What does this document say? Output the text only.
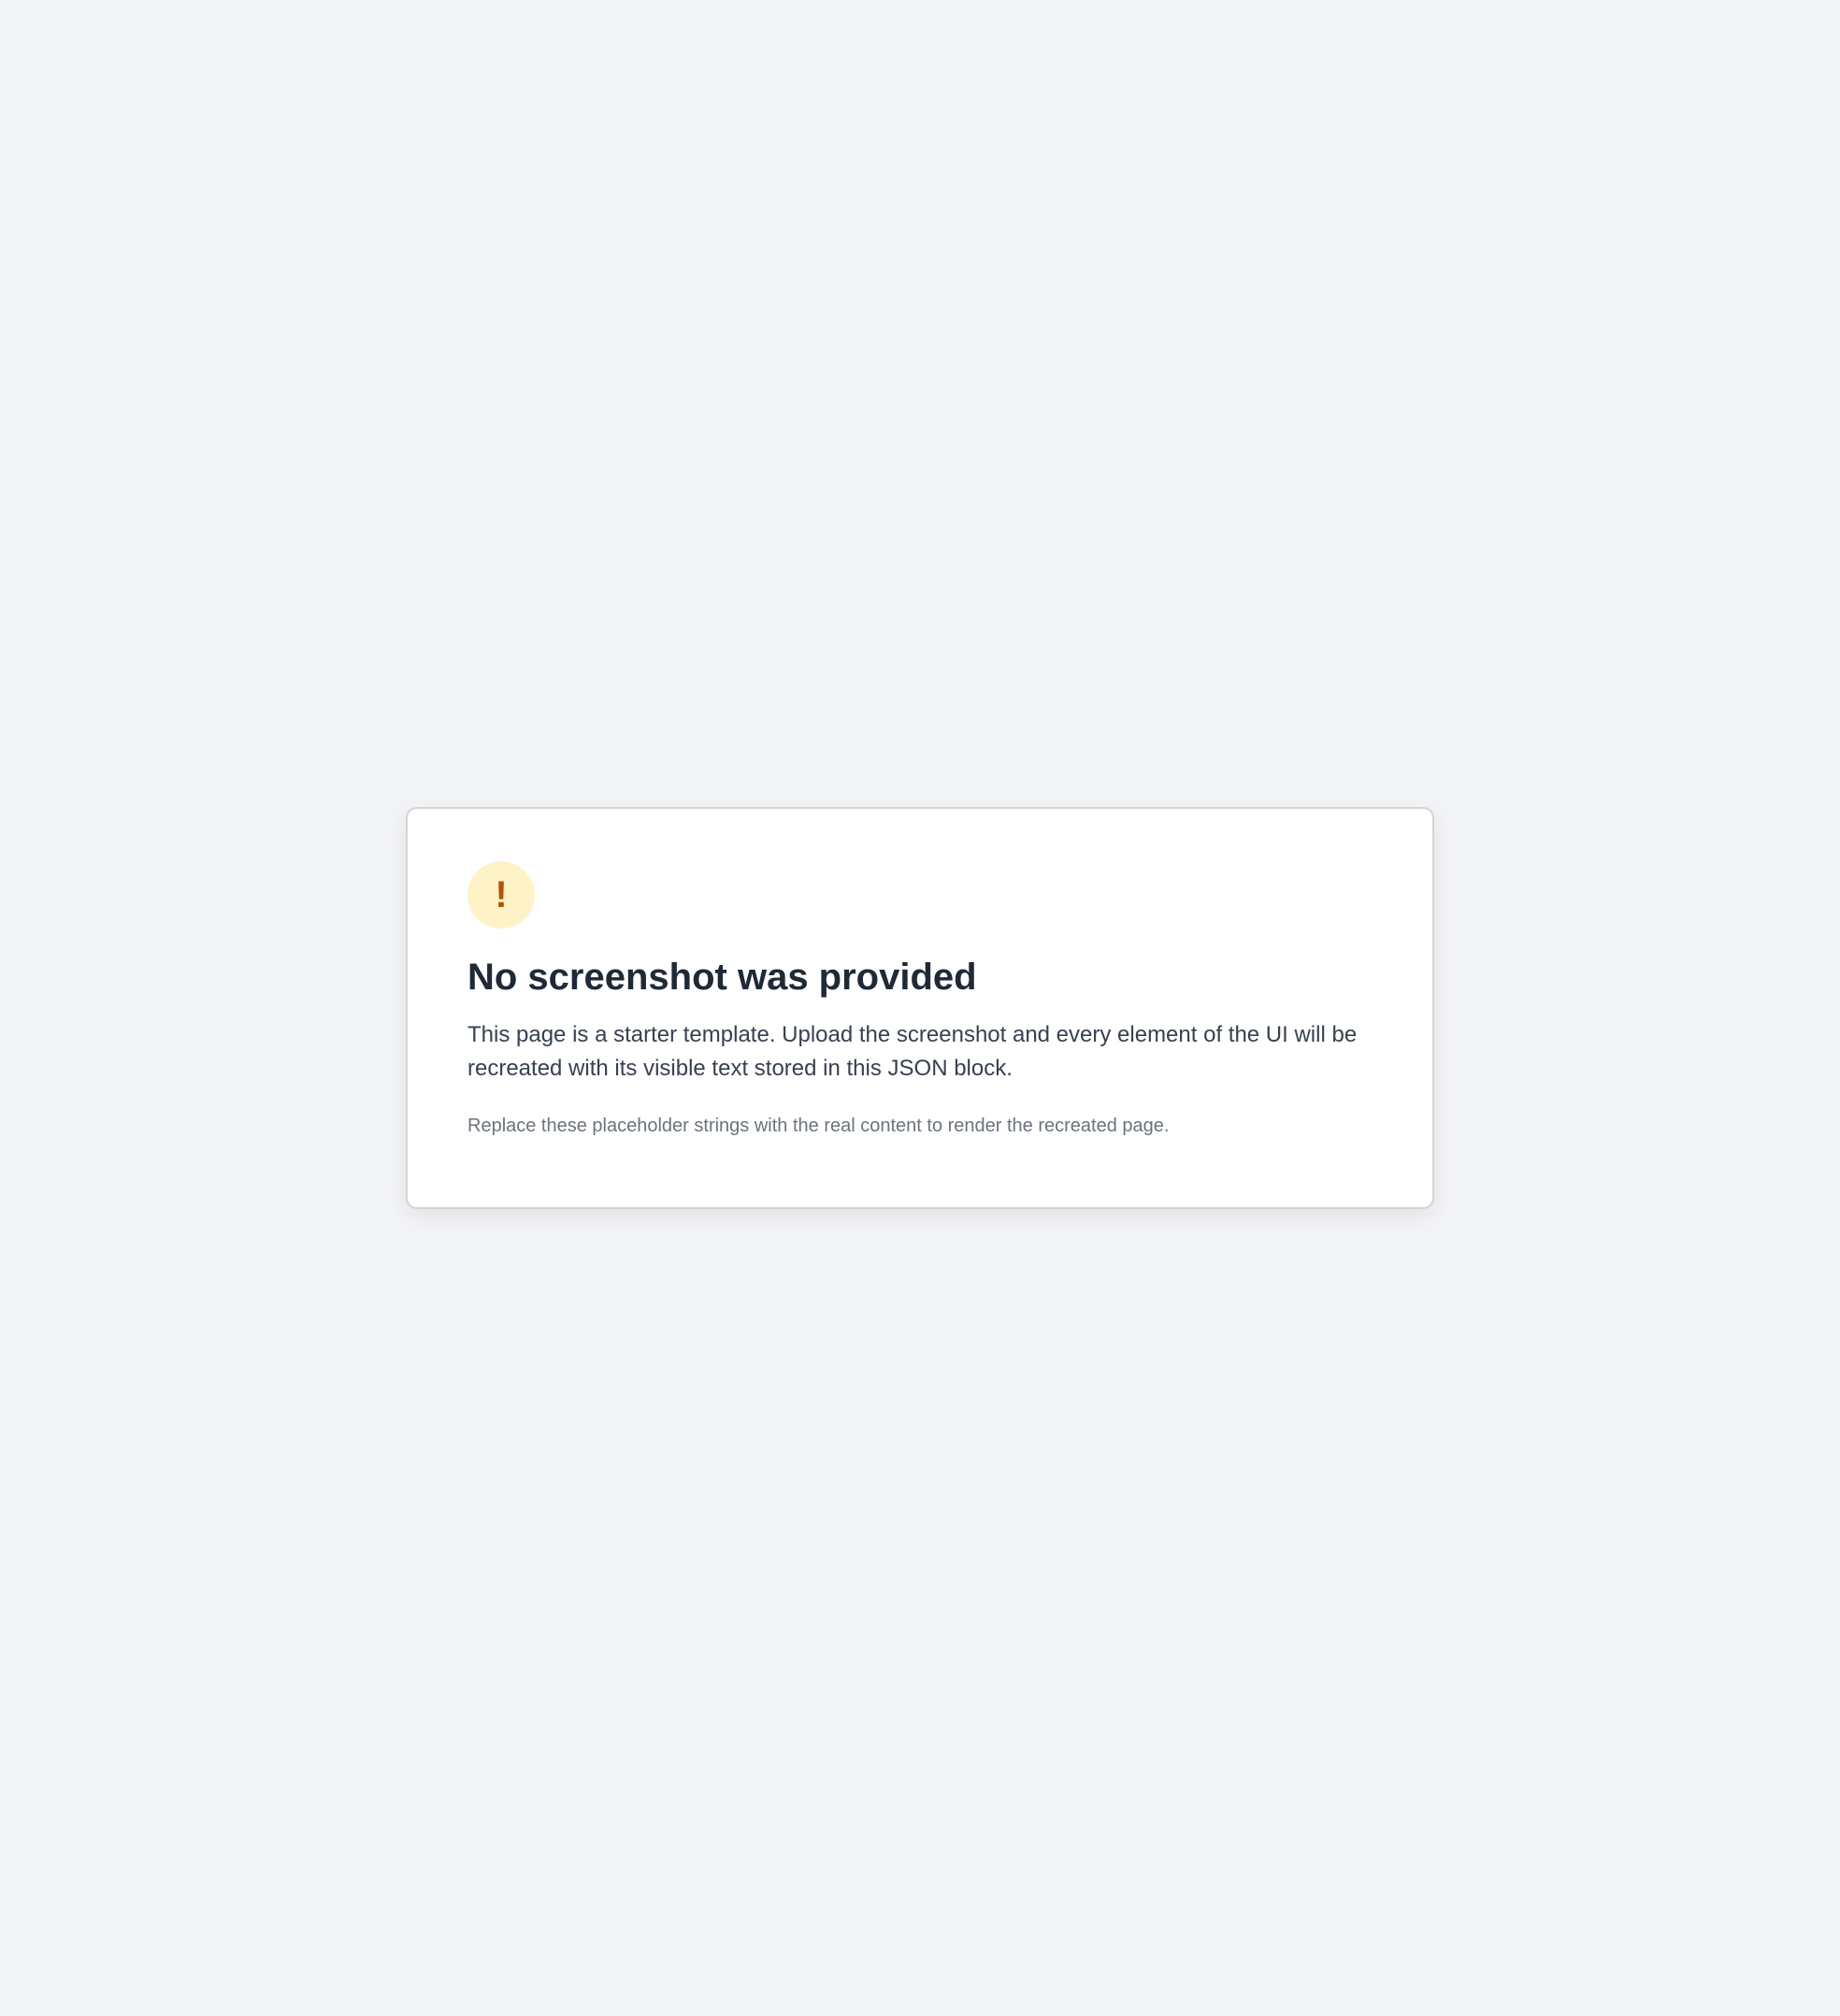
!
No screenshot was provided

This page is a starter template. Upload the screenshot and every element of the UI will be recreated with its visible text stored in this JSON block.

Replace these placeholder strings with the real content to render the recreated page.
